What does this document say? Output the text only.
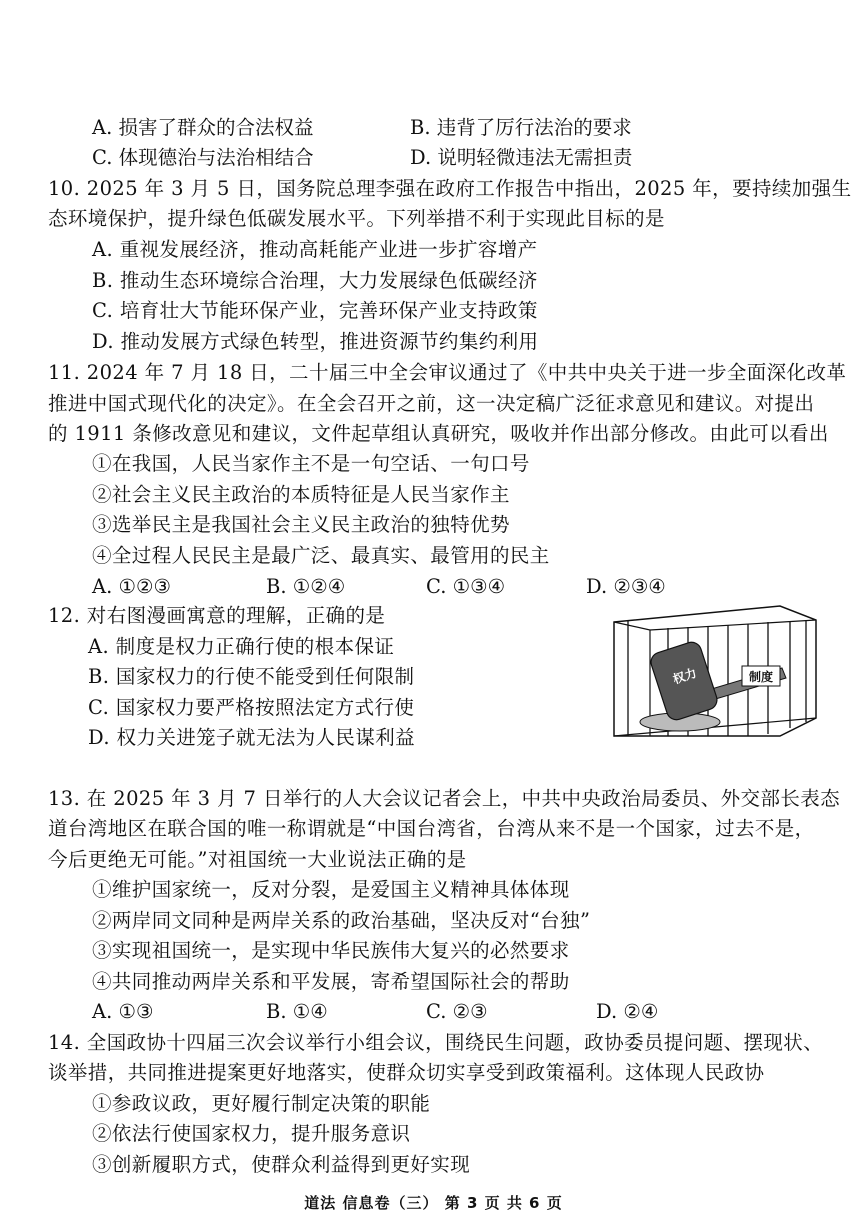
A. 损害了群众的合法权益	B. 违背了厉行法治的要求
C. 体现德治与法治相结合	D. 说明轻微违法无需担责
10. 2025 年 3 月 5 日，国务院总理李强在政府工作报告中指出，2025 年，要持续加强生
态环境保护，提升绿色低碳发展水平。下列举措不利于实现此目标的是
A. 重视发展经济，推动高耗能产业进一步扩容增产
B. 推动生态环境综合治理，大力发展绿色低碳经济
C. 培育壮大节能环保产业，完善环保产业支持政策
D. 推动发展方式绿色转型，推进资源节约集约利用
11. 2024 年 7 月 18 日，二十届三中全会审议通过了《中共中央关于进一步全面深化改革
推进中国式现代化的决定》。在全会召开之前，这一决定稿广泛征求意见和建议。对提出
的 1911 条修改意见和建议，文件起草组认真研究，吸收并作出部分修改。由此可以看出
①在我国，人民当家作主不是一句空话、一句口号
②社会主义民主政治的本质特征是人民当家作主
③选举民主是我国社会主义民主政治的独特优势
④全过程人民民主是最广泛、最真实、最管用的民主
A. ①②③	B. ①②④	C. ①③④	D. ②③④
12. 对右图漫画寓意的理解，正确的是
A. 制度是权力正确行使的根本保证
B. 国家权力的行使不能受到任何限制
C. 国家权力要严格按照法定方式行使
D. 权力关进笼子就无法为人民谋利益
制度
权力
13. 在 2025 年 3 月 7 日举行的人大会议记者会上，中共中央政治局委员、外交部长表态
道台湾地区在联合国的唯一称谓就是“中国台湾省，台湾从来不是一个国家，过去不是，
今后更绝无可能。”对祖国统一大业说法正确的是
①维护国家统一，反对分裂，是爱国主义精神具体体现
②两岸同文同种是两岸关系的政治基础，坚决反对“台独”
③实现祖国统一，是实现中华民族伟大复兴的必然要求
④共同推动两岸关系和平发展，寄希望国际社会的帮助
A. ①③	B. ①④	C. ②③	D. ②④
14. 全国政协十四届三次会议举行小组会议，围绕民生问题，政协委员提问题、摆现状、
谈举措，共同推进提案更好地落实，使群众切实享受到政策福利。这体现人民政协
①参政议政，更好履行制定决策的职能
②依法行使国家权力，提升服务意识
③创新履职方式，使群众利益得到更好实现
道法 信息卷（三） 第 3 页 共 6 页
